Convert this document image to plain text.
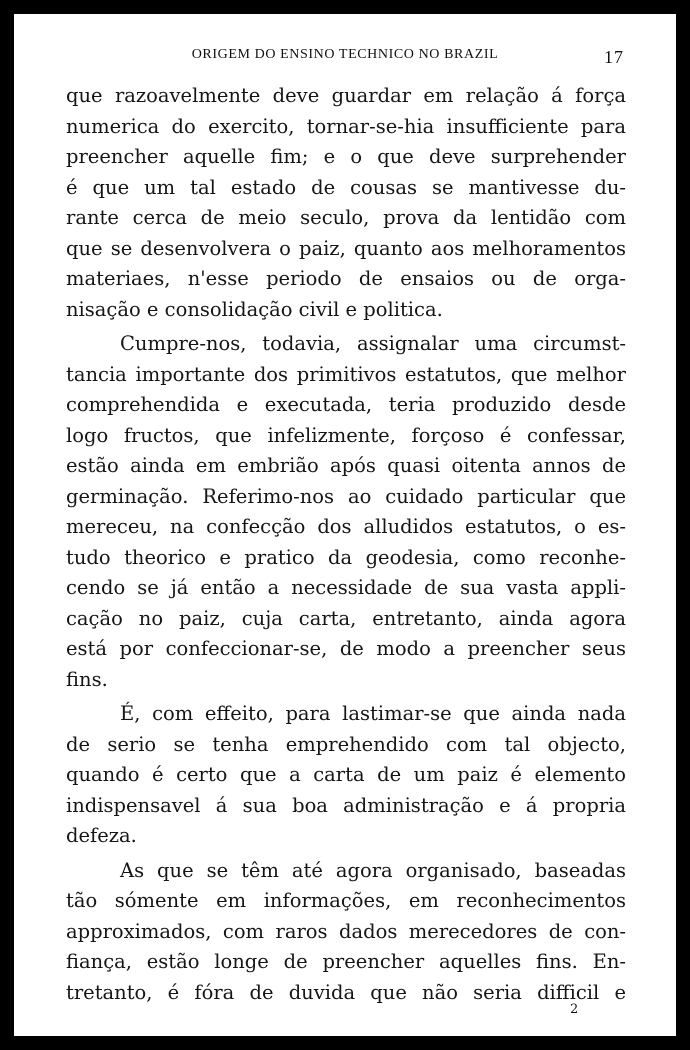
ORIGEM DO ENSINO TECHNICO NO BRAZIL	17
que razoavelmente deve guardar em relação á força
numerica do exercito, tornar-se-hia insufficiente para
preencher aquelle fim; e o que deve surprehender
é que um tal estado de cousas se mantivesse du-
rante cerca de meio seculo, prova da lentidão com
que se desenvolvera o paiz, quanto aos melhoramentos
materiaes, n'esse periodo de ensaios ou de orga-
nisação e consolidação civil e politica.
Cumpre-nos, todavia, assignalar uma circumst-
tancia importante dos primitivos estatutos, que melhor
comprehendida e executada, teria produzido desde
logo fructos, que infelizmente, forçoso é confessar,
estão ainda em embrião após quasi oitenta annos de
germinação. Referimo-nos ao cuidado particular que
mereceu, na confecção dos alludidos estatutos, o es-
tudo theorico e pratico da geodesia, como reconhe-
cendo se já então a necessidade de sua vasta appli-
cação no paiz, cuja carta, entretanto, ainda agora
está por confeccionar-se, de modo a preencher seus
fins.
É, com effeito, para lastimar-se que ainda nada
de serio se tenha emprehendido com tal objecto,
quando é certo que a carta de um paiz é elemento
indispensavel á sua boa administração e á propria
defeza.
As que se têm até agora organisado, baseadas
tão sómente em informações, em reconhecimentos
approximados, com raros dados merecedores de con-
fiança, estão longe de preencher aquelles fins. En-
tretanto, é fóra de duvida que não seria difficil e
2
